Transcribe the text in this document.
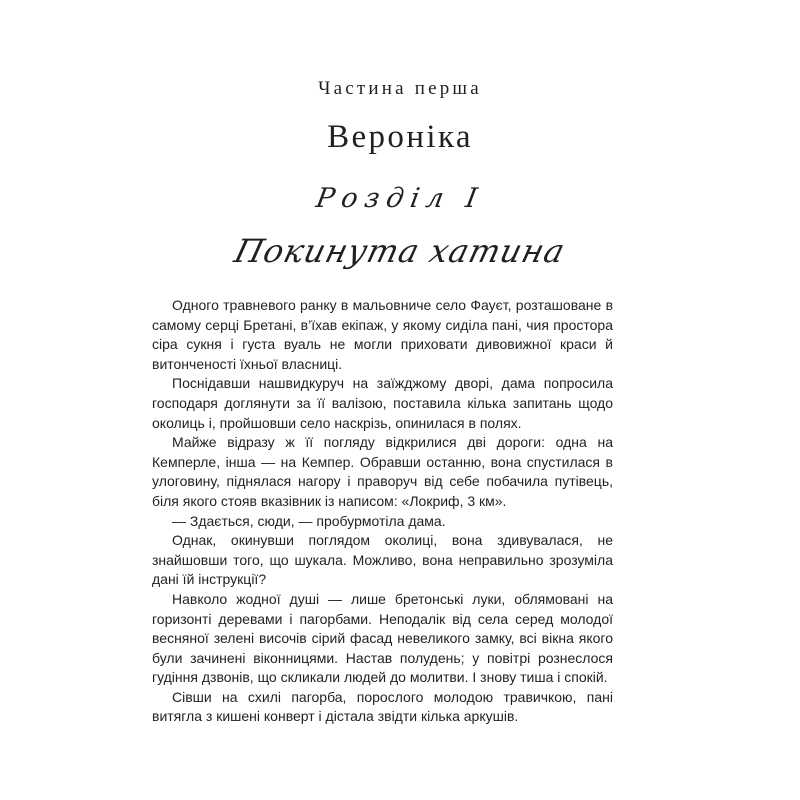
Частина перша
Вероніка
Розділ I
Покинута хатина

Одного травневого ранку в мальовниче село Фауєт, розташоване в самому серці Бретані, в’їхав екіпаж, у якому сиділа пані, чия простора сіра сукня і густа вуаль не могли приховати дивовижної краси й витонченості їхньої власниці.

Поснідавши нашвидкуруч на заїжджому дворі, дама попросила господаря доглянути за її валізою, поставила кілька запитань щодо околиць і, пройшовши село наскрізь, опинилася в полях.

Майже відразу ж її погляду відкрилися дві дороги: одна на Кемперле, інша — на Кемпер. Обравши останню, вона спустилася в улоговину, піднялася нагору і праворуч від себе побачила путівець, біля якого стояв вказівник із написом: «Локриф, 3 км».

— Здається, сюди, — пробурмотіла дама.

Однак, окинувши поглядом околиці, вона здивувалася, не знайшовши того, що шукала. Можливо, вона неправильно зрозуміла дані їй інструкції?

Навколо жодної душі — лише бретонські луки, облямовані на горизонті деревами і пагорбами. Неподалік від села серед молодої весняної зелені височів сірий фасад невеликого замку, всі вікна якого були зачинені віконницями. Настав полудень; у повітрі рознеслося гудіння дзвонів, що скликали людей до молитви. І знову тиша і спокій.

Сівши на схилі пагорба, порослого молодою травичкою, пані витягла з кишені конверт і дістала звідти кілька аркушів.
